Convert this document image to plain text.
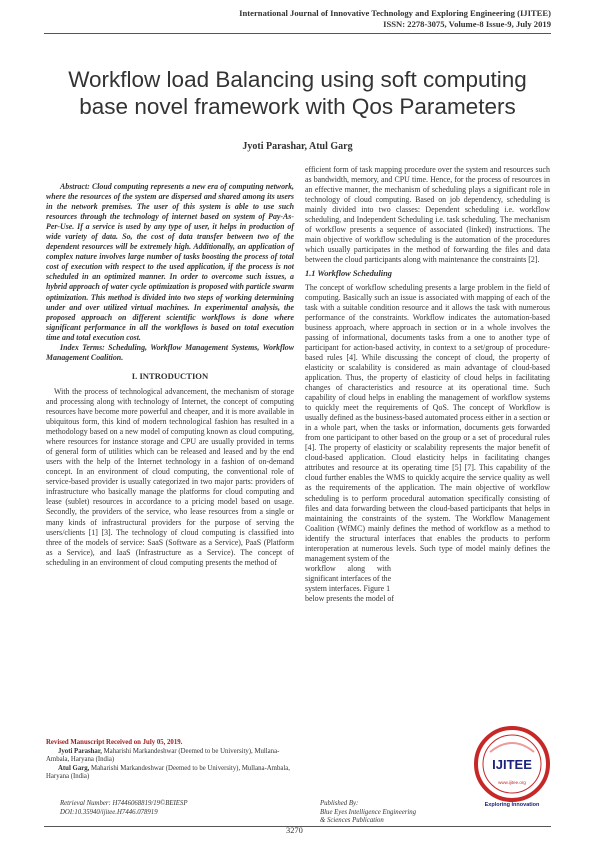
International Journal of Innovative Technology and Exploring Engineering (IJITEE)
ISSN: 2278-3075, Volume-8 Issue-9, July 2019
Workflow load Balancing using soft computing
base novel framework with Qos Parameters
Jyoti Parashar, Atul Garg

Abstract: Cloud computing represents a new era of computing network, where the resources of the system are dispersed and shared among its users in the network premises. The user of this system is able to use such resources through the technology of internet based on system of Pay-As-Per-Use. If a service is used by any type of user, it helps in production of wide variety of data. So, the cost of data transfer between two of the dependent resources will be extremely high. Additionally, an application of complex nature involves large number of tasks boosting the process of total cost of execution with respect to the used application, if the process is not scheduled in an optimized manner. In order to overcome such issues, a hybrid approach of water cycle optimization is proposed with particle swarm optimization. This method is divided into two steps of working determining under and over utilized virtual machines. In experimental analysis, the proposed approach on different scientific workflows is done where significant performance in all the workflows is based on total execution time and total execution cost.

Index Terms: Scheduling, Workflow Management Systems, Workflow Management Coalition.

I. INTRODUCTION

With the process of technological advancement, the mechanism of storage and processing along with technology of Internet, the concept of computing resources have become more powerful and cheaper, and it is more available in ubiquitous form, this kind of modern technological fashion has resulted in a methodology based on a new model of computing known as cloud computing, where resources for instance storage and CPU are usually provided in terms of general form of utilities which can be released and leased and by the end users with the help of the Internet technology in a fashion of on-demand concept. In an environment of cloud computing, the conventional role of service-based provider is usually categorized in two major parts: providers of infrastructure who basically manage the platforms for cloud computing and lease (sublet) resources in accordance to a pricing model based on usage. Secondly, the providers of the service, who lease resources from a single or many kinds of infrastructural providers for the purpose of serving the users/clients [1] [3]. The technology of cloud computing is classified into three of the models of service: SaaS (Software as a Service), PaaS (Platform as a Service), and IaaS (Infrastructure as a Service). The concept of scheduling in an environment of cloud computing presents the method of

efficient form of task mapping procedure over the system and resources such as bandwidth, memory, and CPU time. Hence, for the process of resources in an effective manner, the mechanism of scheduling plays a significant role in technology of cloud computing. Based on job dependency, scheduling is mainly divided into two classes: Dependent scheduling i.e. workflow scheduling, and Independent Scheduling i.e. task scheduling. The mechanism of workflow presents a sequence of associated (linked) instructions. The main objective of workflow scheduling is the automation of the procedures which usually participates in the method of forwarding the files and data between the cloud participants along with maintenance the constraints [2].

1.1 Workflow Scheduling

The concept of workflow scheduling presents a large problem in the field of computing. Basically such an issue is associated with mapping of each of the task with a suitable condition resource and it allows the task with numerous performance of the constraints. Workflow indicates the automation-based business approach, where approach in section or in a whole involves the passing of informational, documents tasks from a one to another type of participant for action-based activity, in context to a set/group of procedure-based rules [4]. While discussing the concept of cloud, the property of elasticity or scalability is considered as main advantage of cloud-based application. Thus, the property of elasticity of cloud helps in facilitating changes of characteristics and resource at its operational time. Such capability of cloud helps in enabling the management of workflow systems to quickly meet the requirements of QoS. The concept of Workflow is usually defined as the business-based automated process either in a section or in a whole part, when the tasks or information, documents gets forwarded from one participant to other based on the group or a set of procedural rules [4]. The property of elasticity or scalability represents the major benefit of cloud-based application. Cloud elasticity helps in facilitating changes attributes and resource at its operating time [5] [7]. This capability of the cloud further enables the WMS to quickly acquire the service quality as well as the requirements of the application. The main objective of workflow scheduling is to perform procedural automation specifically consisting of files and data forwarding between the cloud-based participants that helps in maintaining the constraints of the system. The Workflow Management Coalition (WfMC) mainly defines the method of workflow as a method to identify the structural interfaces that enables the products to perform interoperation at numerous levels. Such type of model mainly defines the management system of the

workflow      along      with
significant interfaces of the
system interfaces. Figure 1
below presents the model of
Revised Manuscript Received on July 05, 2019.
Jyoti Parashar, Maharishi Markandeshwar (Deemed to be University), Mullana-Ambala, Haryana (India)
Atul Garg, Maharishi Markandeshwar (Deemed to be University), Mullana-Ambala, Haryana (India)
Retrieval Number: H7446068819/19©BEIESP
DOI:10.35940/ijitee.H7446.078919
Published By:
Blue Eyes Intelligence Engineering
& Sciences Publication
3270
IJITEE
www.ijitee.org
Exploring Innovation
